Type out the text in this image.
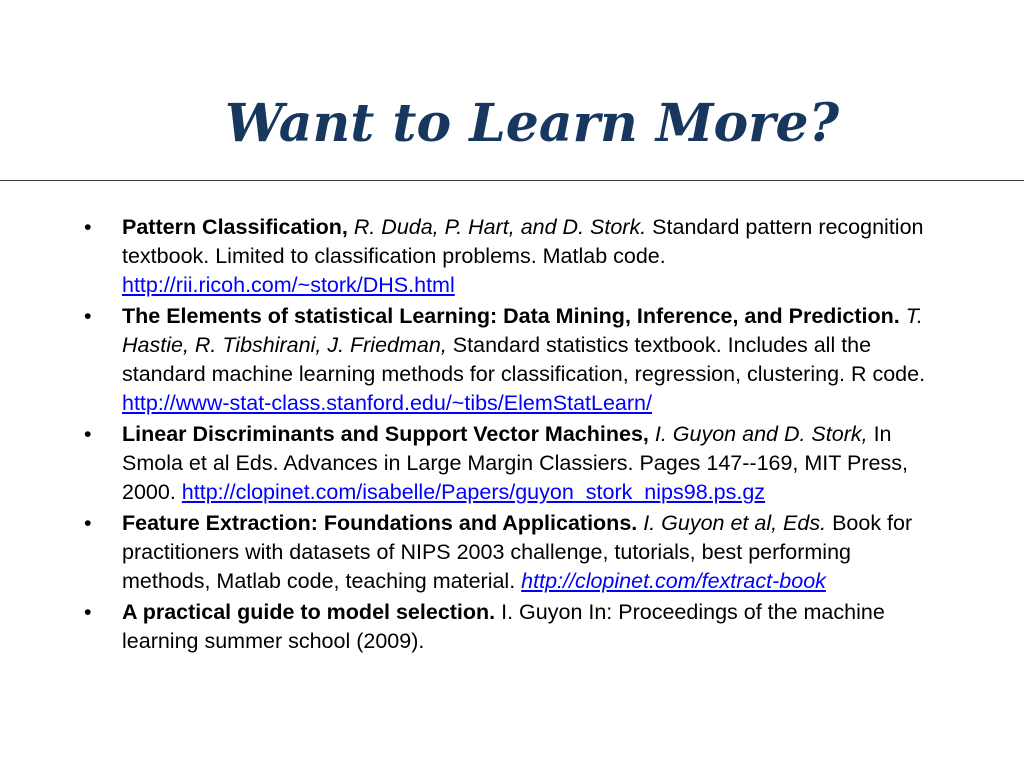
Want to Learn More?
• Pattern Classification, R. Duda, P. Hart, and D. Stork. Standard pattern recognition textbook. Limited to classification problems. Matlab code. http://rii.ricoh.com/~stork/DHS.html
• The Elements of statistical Learning: Data Mining, Inference, and Prediction. T. Hastie, R. Tibshirani, J. Friedman, Standard statistics textbook. Includes all the standard machine learning methods for classification, regression, clustering. R code. http://www-stat-class.stanford.edu/~tibs/ElemStatLearn/
• Linear Discriminants and Support Vector Machines, I. Guyon and D. Stork, In Smola et al Eds. Advances in Large Margin Classiers. Pages 147--169, MIT Press, 2000. http://clopinet.com/isabelle/Papers/guyon_stork_nips98.ps.gz
• Feature Extraction: Foundations and Applications. I. Guyon et al, Eds. Book for practitioners with datasets of NIPS 2003 challenge, tutorials, best performing methods, Matlab code, teaching material. http://clopinet.com/fextract-book
• A practical guide to model selection. I. Guyon In: Proceedings of the machine learning summer school (2009).
